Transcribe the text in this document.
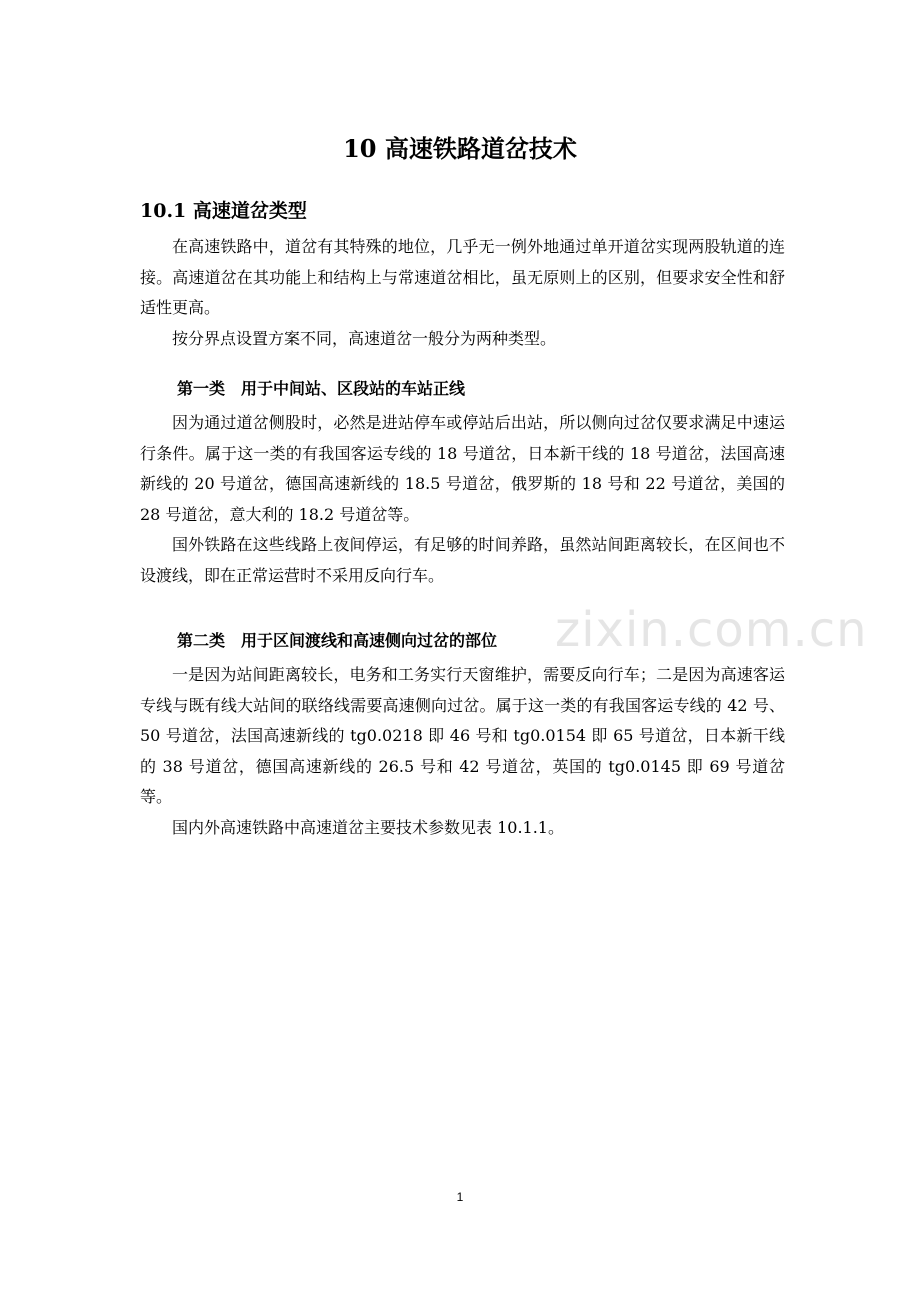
10 高速铁路道岔技术
10.1 高速道岔类型

在高速铁路中，道岔有其特殊的地位，几乎无一例外地通过单开道岔实现两股轨道的连接。高速道岔在其功能上和结构上与常速道岔相比，虽无原则上的区别，但要求安全性和舒适性更高。

按分界点设置方案不同，高速道岔一般分为两种类型。

第一类 用于中间站、区段站的车站正线

因为通过道岔侧股时，必然是进站停车或停站后出站，所以侧向过岔仅要求满足中速运行条件。属于这一类的有我国客运专线的 18 号道岔，日本新干线的 18 号道岔，法国高速新线的 20 号道岔，德国高速新线的 18.5 号道岔，俄罗斯的 18 号和 22 号道岔，美国的 28 号道岔，意大利的 18.2 号道岔等。

国外铁路在这些线路上夜间停运，有足够的时间养路，虽然站间距离较长，在区间也不设渡线，即在正常运营时不采用反向行车。

第二类 用于区间渡线和高速侧向过岔的部位

一是因为站间距离较长，电务和工务实行天窗维护，需要反向行车；二是因为高速客运专线与既有线大站间的联络线需要高速侧向过岔。属于这一类的有我国客运专线的 42 号、50 号道岔，法国高速新线的 tg0.0218 即 46 号和 tg0.0154 即 65 号道岔，日本新干线的 38 号道岔，德国高速新线的 26.5 号和 42 号道岔，英国的 tg0.0145 即 69 号道岔等。

国内外高速铁路中高速道岔主要技术参数见表 10.1.1。

zixin.com.cn
1
